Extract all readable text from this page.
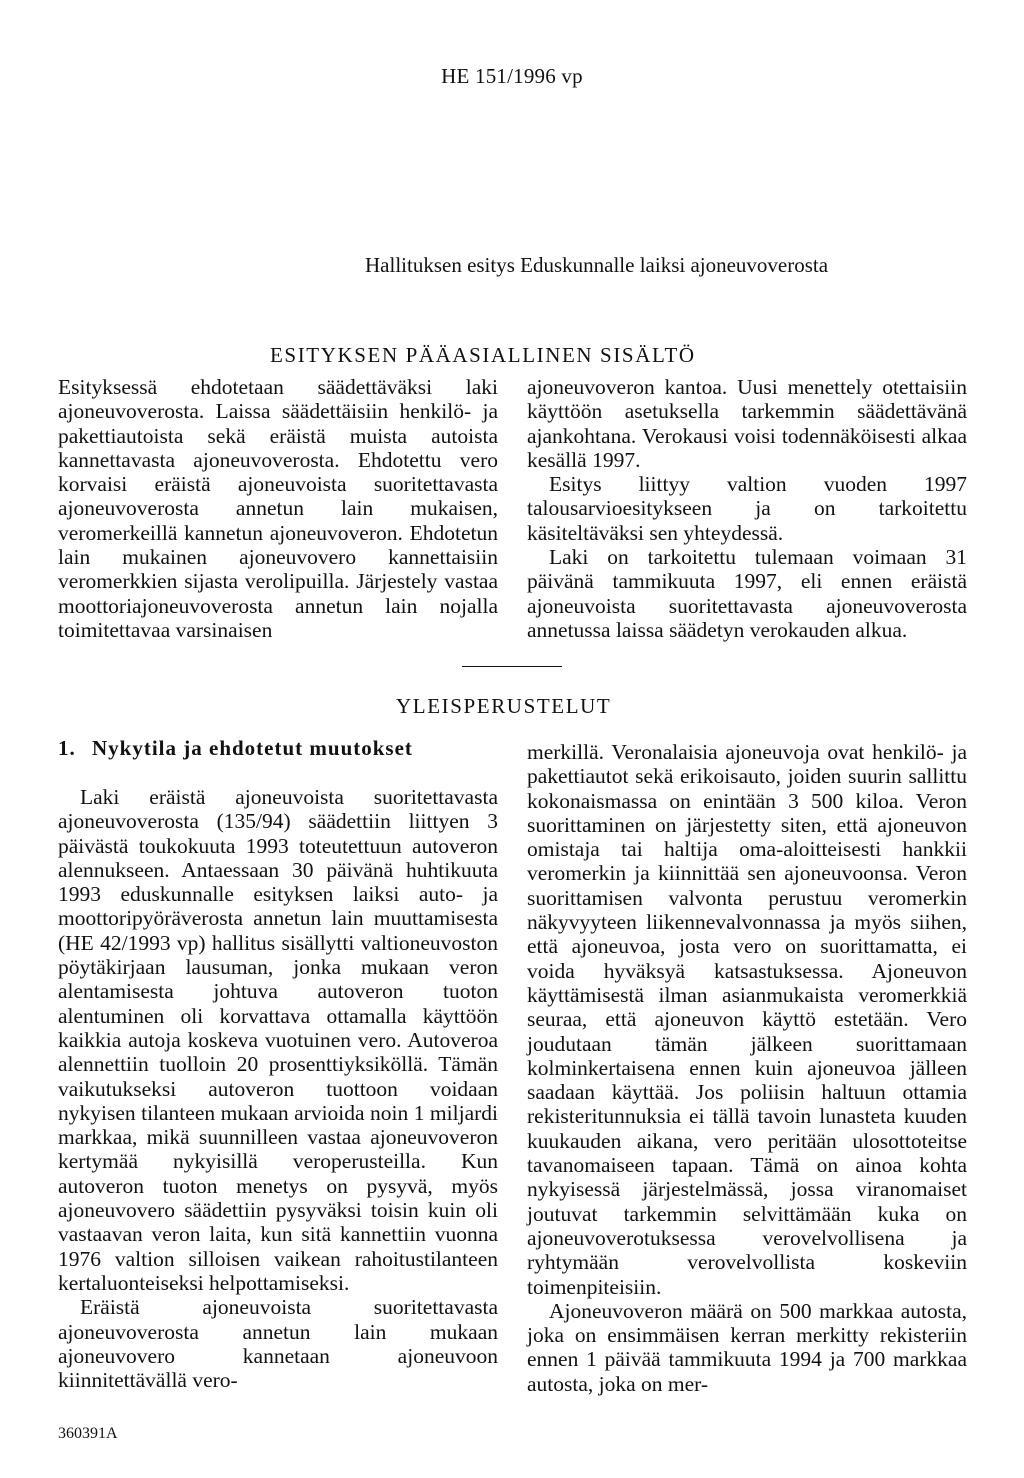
HE 151/1996 vp
Hallituksen esitys Eduskunnalle laiksi ajoneuvoverosta
ESITYKSEN PÄÄASIALLINEN SISÄLTÖ

Esityksessä ehdotetaan säädettäväksi laki ajoneuvoverosta. Laissa säädettäisiin henkilö- ja pakettiautoista sekä eräistä muista autoista kannettavasta ajoneuvoverosta. Ehdotettu vero korvaisi eräistä ajoneuvoista suoritettavasta ajoneuvoverosta annetun lain mukaisen, veromerkeillä kannetun ajoneuvoveron. Ehdotetun lain mukainen ajoneuvovero kannettaisiin veromerkkien sijasta verolipuilla. Järjestely vastaa moottoriajoneuvoverosta annetun lain nojalla toimitettavaa varsinaisen

ajoneuvoveron kantoa. Uusi menettely otettaisiin käyttöön asetuksella tarkemmin säädettävänä ajankohtana. Verokausi voisi todennäköisesti alkaa kesällä 1997.

Esitys liittyy valtion vuoden 1997 talousarvioesitykseen ja on tarkoitettu käsiteltäväksi sen yhteydessä.

Laki on tarkoitettu tulemaan voimaan 31 päivänä tammikuuta 1997, eli ennen eräistä ajoneuvoista suoritettavasta ajoneuvoverosta annetussa laissa säädetyn verokauden alkua.

YLEISPERUSTELUT
1. Nykytila ja ehdotetut muutokset

Laki eräistä ajoneuvoista suoritettavasta ajoneuvoverosta (135/94) säädettiin liittyen 3 päivästä toukokuuta 1993 toteutettuun autoveron alennukseen. Antaessaan 30 päivänä huhtikuuta 1993 eduskunnalle esityksen laiksi auto- ja moottoripyöräverosta annetun lain muuttamisesta (HE 42/1993 vp) hallitus sisällytti valtioneuvoston pöytäkirjaan lausuman, jonka mukaan veron alentamisesta johtuva autoveron tuoton alentuminen oli korvattava ottamalla käyttöön kaikkia autoja koskeva vuotuinen vero. Autoveroa alennettiin tuolloin 20 prosenttiyksiköllä. Tämän vaikutukseksi autoveron tuottoon voidaan nykyisen tilanteen mukaan arvioida noin 1 miljardi markkaa, mikä suunnilleen vastaa ajoneuvoveron kertymää nykyisillä veroperusteilla. Kun autoveron tuoton menetys on pysyvä, myös ajoneuvovero säädettiin pysyväksi toisin kuin oli vastaavan veron laita, kun sitä kannettiin vuonna 1976 valtion silloisen vaikean rahoitustilanteen kertaluonteiseksi helpottamiseksi.

Eräistä ajoneuvoista suoritettavasta ajoneuvoverosta annetun lain mukaan ajoneuvovero kannetaan ajoneuvoon kiinnitettävällä vero-

merkillä. Veronalaisia ajoneuvoja ovat henkilö- ja pakettiautot sekä erikoisauto, joiden suurin sallittu kokonaismassa on enintään 3 500 kiloa. Veron suorittaminen on järjestetty siten, että ajoneuvon omistaja tai haltija oma-aloitteisesti hankkii veromerkin ja kiinnittää sen ajoneuvoonsa. Veron suorittamisen valvonta perustuu veromerkin näkyvyyteen liikennevalvonnassa ja myös siihen, että ajoneuvoa, josta vero on suorittamatta, ei voida hyväksyä katsastuksessa. Ajoneuvon käyttämisestä ilman asianmukaista veromerkkiä seuraa, että ajoneuvon käyttö estetään. Vero joudutaan tämän jälkeen suorittamaan kolminkertaisena ennen kuin ajoneuvoa jälleen saadaan käyttää. Jos poliisin haltuun ottamia rekisteritunnuksia ei tällä tavoin lunasteta kuuden kuukauden aikana, vero peritään ulosottoteitse tavanomaiseen tapaan. Tämä on ainoa kohta nykyisessä järjestelmässä, jossa viranomaiset joutuvat tarkemmin selvittämään kuka on ajoneuvoverotuksessa verovelvollisena ja ryhtymään verovelvollista koskeviin toimenpiteisiin.

Ajoneuvoveron määrä on 500 markkaa autosta, joka on ensimmäisen kerran merkitty rekisteriin ennen 1 päivää tammikuuta 1994 ja 700 markkaa autosta, joka on mer-

360391A
